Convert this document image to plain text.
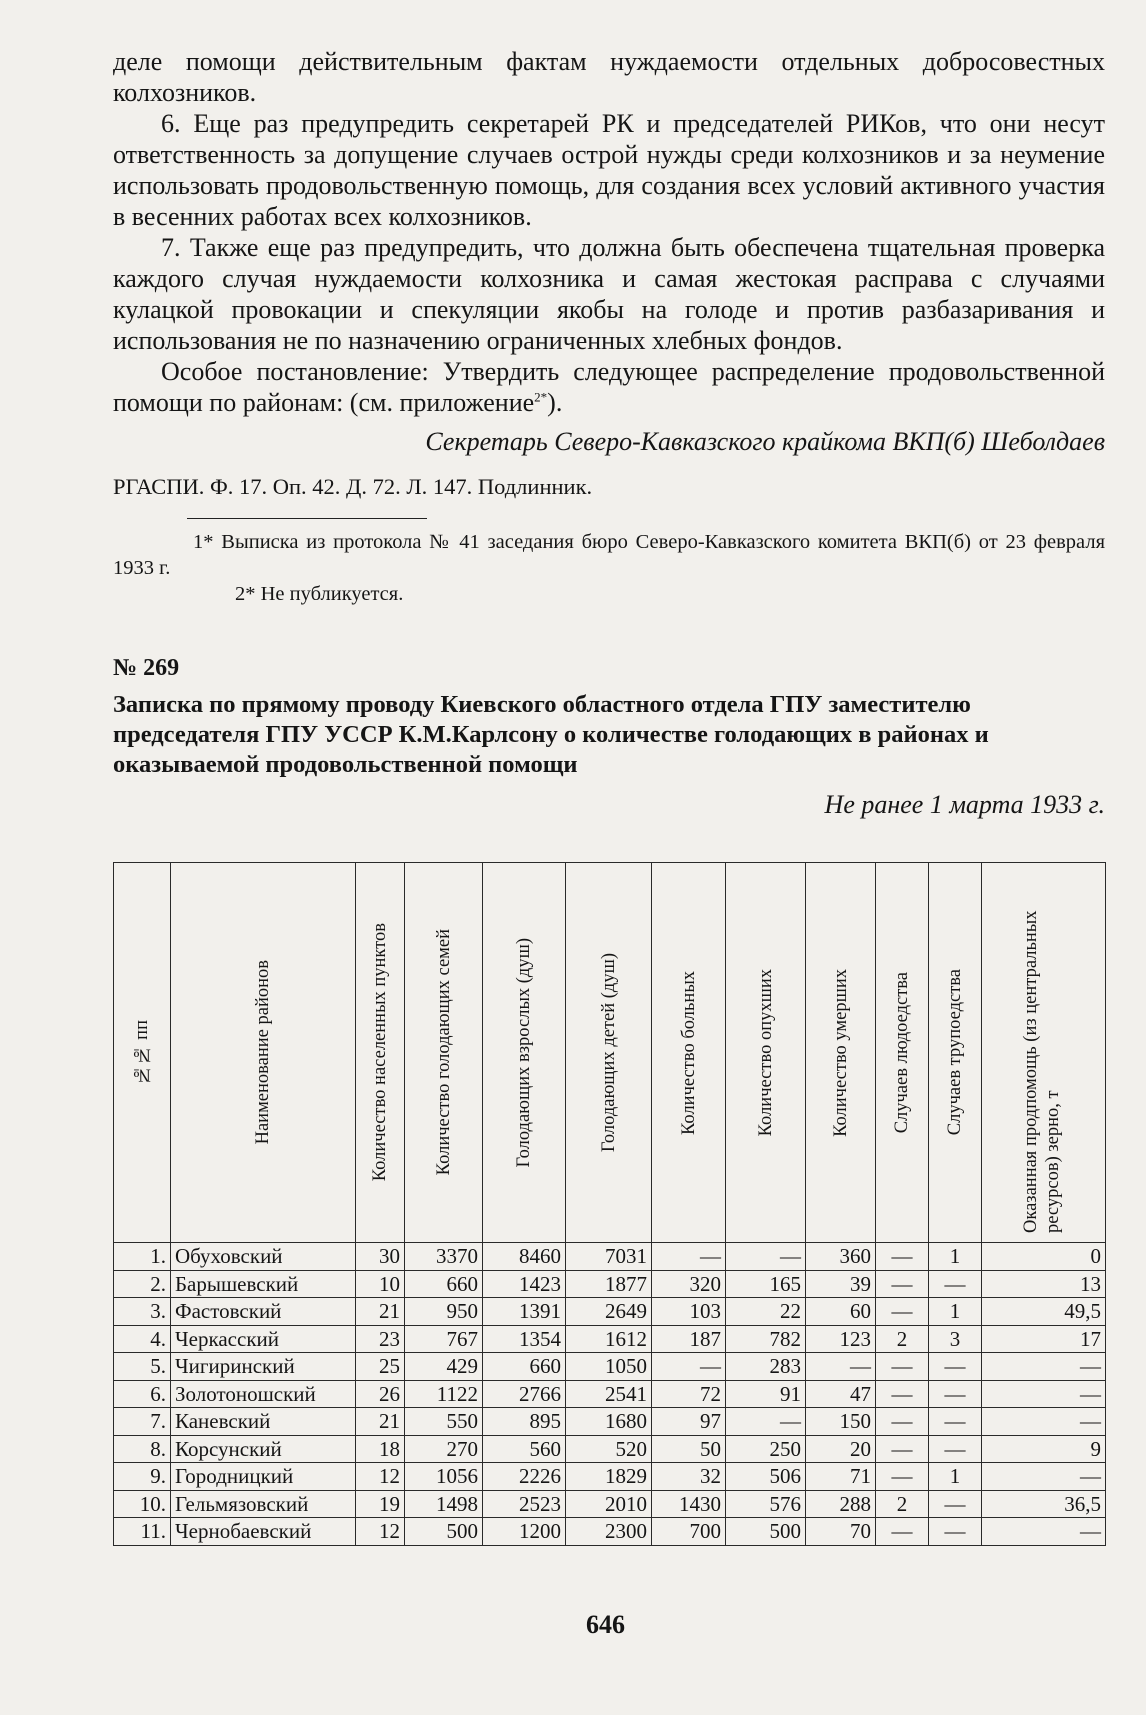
деле помощи действительным фактам нуждаемости отдельных добросовестных колхозников.

6. Еще раз предупредить секретарей РК и председателей РИКов, что они несут ответственность за допущение случаев острой нужды среди колхозников и за неумение использовать продовольственную помощь, для создания всех условий активного участия в весенних работах всех колхозников.

7. Также еще раз предупредить, что должна быть обеспечена тщательная проверка каждого случая нуждаемости колхозника и самая жестокая расправа с случаями кулацкой провокации и спекуляции якобы на голоде и против разбазаривания и использования не по назначению ограниченных хлебных фондов.

Особое постановление: Утвердить следующее распределение продовольственной помощи по районам: (см. приложение$^{2*}$).

Секретарь Северо-Кавказского крайкома ВКП(б) Шеболдаев
РГАСПИ. Ф. 17. Оп. 42. Д. 72. Л. 147. Подлинник.

1* Выписка из протокола № 41 заседания бюро Северо-Кавказского комитета ВКП(б) от 23 февраля 1933 г.

2* Не публикуется.

№ 269
Записка по прямому проводу Киевского областного отдела ГПУ заместителю председателя ГПУ УССР К.М.Карлсону о количестве голодающих в районах и оказываемой продовольственной помощи
Не ранее 1 марта 1933 г.
№№ пп	Наименование районов	Количество населенных пунктов	Количество голодающих семей	Голодающих взрослых (душ)	Голодающих детей (душ)	Количество больных	Количество опухших	Количество умерших	Случаев людоедства	Случаев трупоедства	Оказанная продпомощь (из центральных ресурсов) зерно, т

1.	Обуховский	30	3370	8460	7031	—	—	360	—	1	0
2.	Барышевский	10	660	1423	1877	320	165	39	—	—	13
3.	Фастовский	21	950	1391	2649	103	22	60	—	1	49,5
4.	Черкасский	23	767	1354	1612	187	782	123	2	3	17
5.	Чигиринский	25	429	660	1050	—	283	—	—	—	—
6.	Золотоношский	26	1122	2766	2541	72	91	47	—	—	—
7.	Каневский	21	550	895	1680	97	—	150	—	—	—
8.	Корсунский	18	270	560	520	50	250	20	—	—	9
9.	Городницкий	12	1056	2226	1829	32	506	71	—	1	—
10.	Гельмязовский	19	1498	2523	2010	1430	576	288	2	—	36,5
11.	Чернобаевский	12	500	1200	2300	700	500	70	—	—	—
646
